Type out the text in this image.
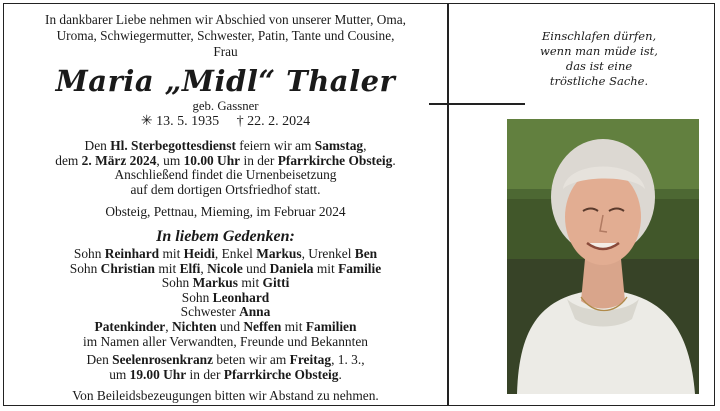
In dankbarer Liebe nehmen wir Abschied von unserer Mutter, Oma,
Uroma, Schwiegermutter, Schwester, Patin, Tante und Cousine,
Frau
Maria „Midl“ Thaler
geb. Gassner
✳ 13. 5. 1935 † 22. 2. 2024
Den Hl. Sterbegottesdienst feiern wir am Samstag,
dem 2. März 2024, um 10.00 Uhr in der Pfarrkirche Obsteig.
Anschließend findet die Urnenbeisetzung
auf dem dortigen Ortsfriedhof statt.
Obsteig, Pettnau, Mieming, im Februar 2024
In liebem Gedenken:
Sohn Reinhard mit Heidi, Enkel Markus, Urenkel Ben
Sohn Christian mit Elfi, Nicole und Daniela mit Familie
Sohn Markus mit Gitti
Sohn Leonhard
Schwester Anna
Patenkinder, Nichten und Neffen mit Familien
im Namen aller Verwandten, Freunde und Bekannten
Den Seelenrosenkranz beten wir am Freitag, 1. 3.,
um 19.00 Uhr in der Pfarrkirche Obsteig.
Von Beileidsbezeugungen bitten wir Abstand zu nehmen.
Einschlafen dürfen,
wenn man müde ist,
das ist eine
tröstliche Sache.
